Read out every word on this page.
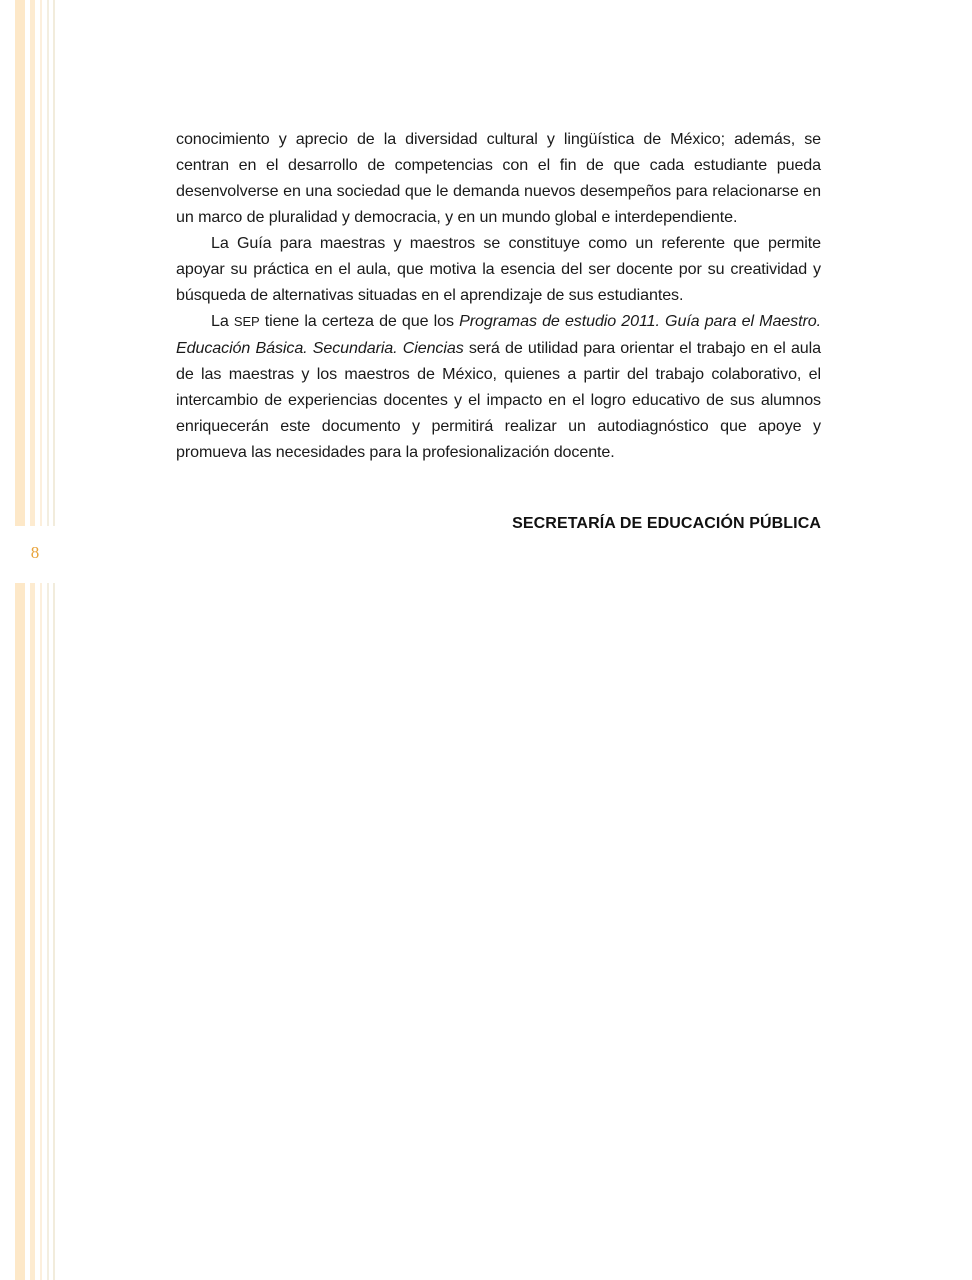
8

conocimiento y aprecio de la diversidad cultural y lingüística de México; además, se centran en el desarrollo de competencias con el fin de que cada estudiante pueda desenvolverse en una sociedad que le demanda nuevos desempeños para relacionarse en un marco de pluralidad y democracia, y en un mundo global e interdependiente.

La Guía para maestras y maestros se constituye como un referente que permite apoyar su práctica en el aula, que motiva la esencia del ser docente por su creatividad y búsqueda de alternativas situadas en el aprendizaje de sus estudiantes.

La SEP tiene la certeza de que los Programas de estudio 2011. Guía para el Maestro. Educación Básica. Secundaria. Ciencias será de utilidad para orientar el trabajo en el aula de las maestras y los maestros de México, quienes a partir del trabajo colaborativo, el intercambio de experiencias docentes y el impacto en el logro educativo de sus alumnos enriquecerán este documento y permitirá realizar un autodiagnóstico que apoye y promueva las necesidades para la profesionalización docente.

SECRETARÍA DE EDUCACIÓN PÚBLICA
